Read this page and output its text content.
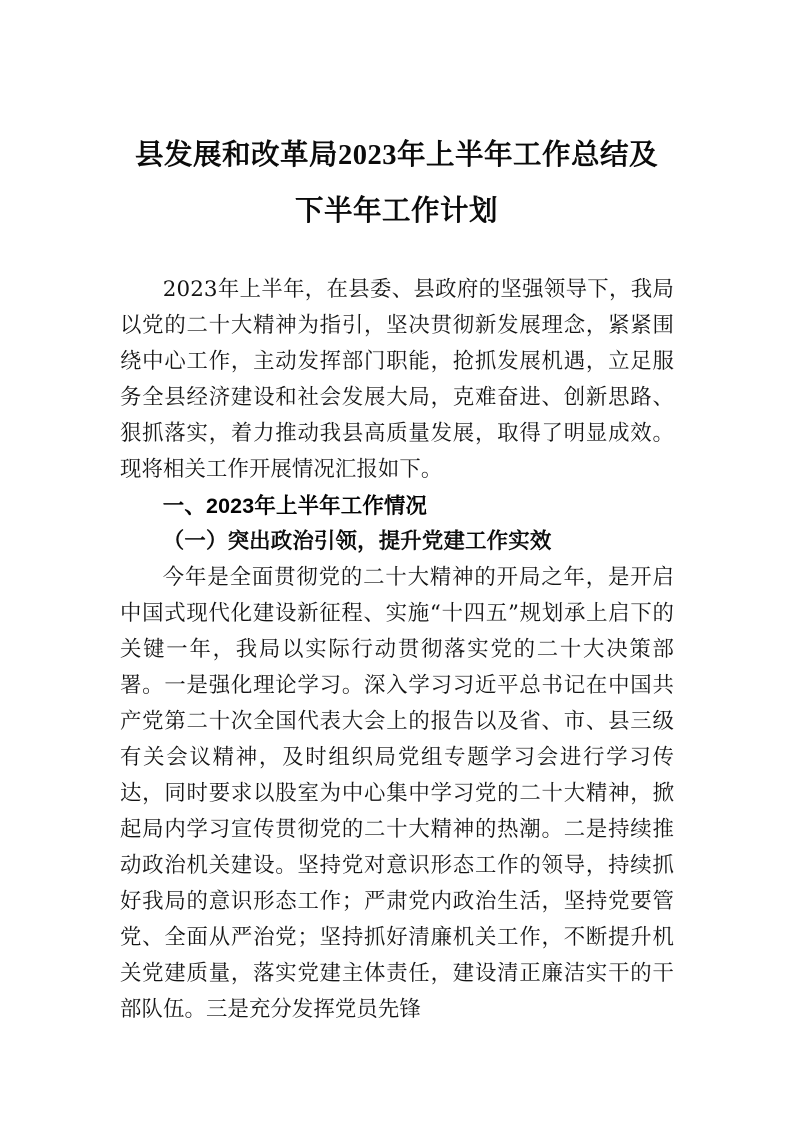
县发展和改革局2023年上半年工作总结及
下半年工作计划

2023年上半年，在县委、县政府的坚强领导下，我局以党的二十大精神为指引，坚决贯彻新发展理念，紧紧围绕中心工作，主动发挥部门职能，抢抓发展机遇，立足服务全县经济建设和社会发展大局，克难奋进、创新思路、狠抓落实，着力推动我县高质量发展，取得了明显成效。现将相关工作开展情况汇报如下。

一、2023年上半年工作情况
（一）突出政治引领，提升党建工作实效

今年是全面贯彻党的二十大精神的开局之年，是开启中国式现代化建设新征程、实施“十四五”规划承上启下的关键一年，我局以实际行动贯彻落实党的二十大决策部署。一是强化理论学习。深入学习习近平总书记在中国共产党第二十次全国代表大会上的报告以及省、市、县三级有关会议精神，及时组织局党组专题学习会进行学习传达，同时要求以股室为中心集中学习党的二十大精神，掀起局内学习宣传贯彻党的二十大精神的热潮。二是持续推动政治机关建设。坚持党对意识形态工作的领导，持续抓好我局的意识形态工作；严肃党内政治生活，坚持党要管党、全面从严治党；坚持抓好清廉机关工作，不断提升机关党建质量，落实党建主体责任，建设清正廉洁实干的干部队伍。三是充分发挥党员先锋
